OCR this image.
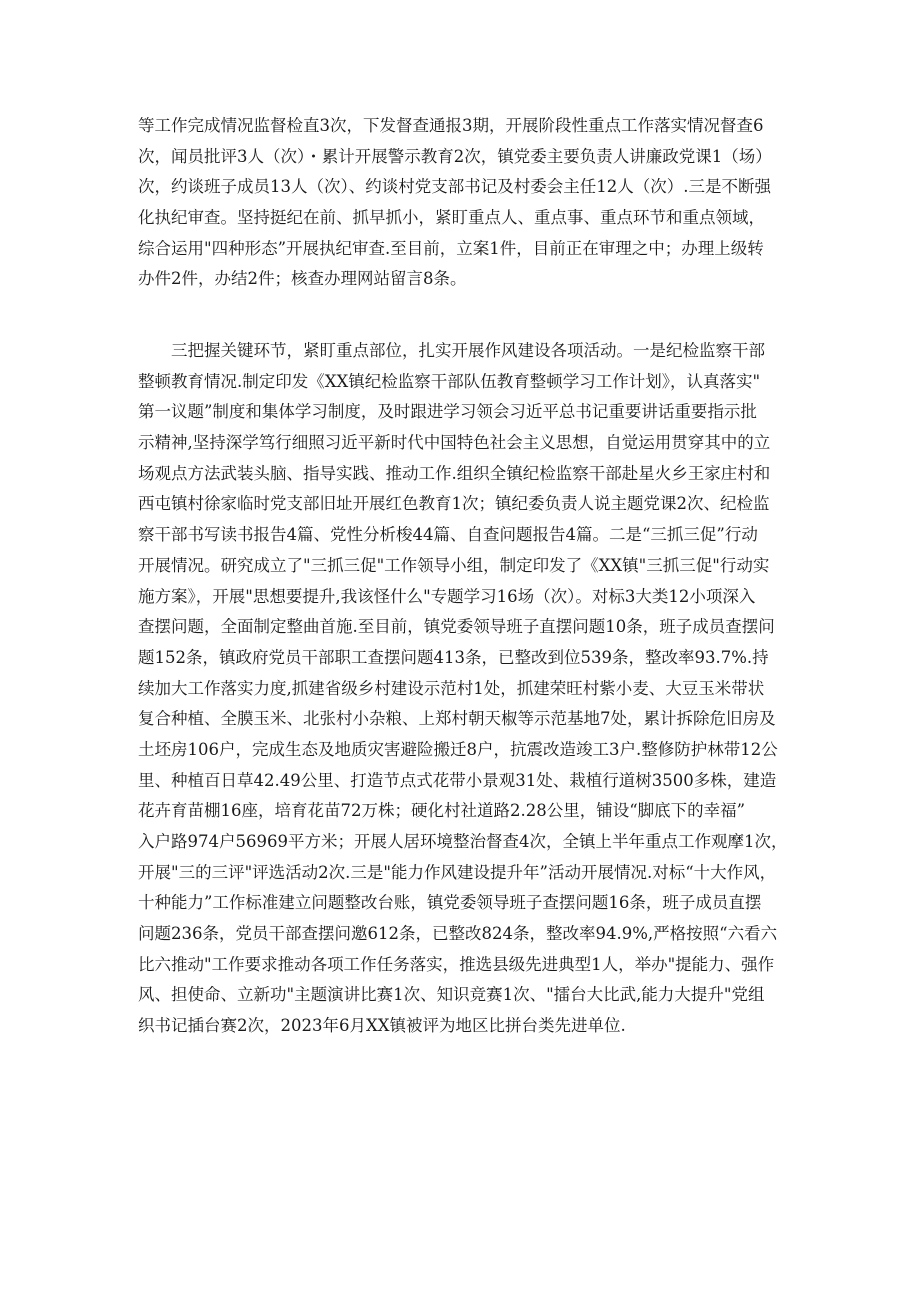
等工作完成情况监督检直3次，下发督查通报3期，开展阶段性重点工作落实情况督查6
次，闻员批评3人（次）・累计开展警示教育2次，镇党委主要负责人讲廉政党课1（场）
次，约谈班子成员13人（次）、约谈村党支部书记及村委会主任12人（次）.三是不断强
化执纪审查。坚持挺纪在前、抓早抓小，紧盯重点人、重点事、重点环节和重点领域，
综合运用"四种形态”开展执纪审查.至目前，立案1件，目前正在审理之中；办理上级转
办件2件，办结2件；核查办理网站留言8条。
三把握关键环节，紧盯重点部位，扎实开展作风建设各项活动。一是纪检监察干部
整顿教育情况.制定印发《XX镇纪检监察干部队伍教育整顿学习工作计划》，认真落实"
第一议题”制度和集体学习制度，及时跟进学习领会习近平总书记重要讲话重要指示批
示精神,坚持深学笃行细照习近平新时代中国特色社会主义思想，自觉运用贯穿其中的立
场观点方法武装头脑、指导实践、推动工作.组织全镇纪检监察干部赴星火乡王家庄村和
西屯镇村徐家临时党支部旧址开展红色教育1次；镇纪委负责人说主题党课2次、纪检监
察干部书写读书报告4篇、党性分析梭44篇、自查问题报告4篇。二是“三抓三促”行动
开展情况。研究成立了"三抓三促"工作领导小组，制定印发了《XX镇"三抓三促"行动实
施方案》，开展"思想要提升,我该怪什么"专题学习16场（次）。对标3大类12小项深入
查摆问题，全面制定整曲首施.至目前，镇党委领导班子直摆问题10条，班子成员查摆问
题152条，镇政府党员干部职工查摆问题413条，已整改到位539条，整改率93.7%.持
续加大工作落实力度,抓建省级乡村建设示范村1处，抓建荣旺村紫小麦、大豆玉米带状
复合种植、全膜玉米、北张村小杂粮、上郑村朝天椒等示范基地7处，累计拆除危旧房及
土坯房106户，完成生态及地质灾害避险搬迁8户，抗震改造竣工3户.整修防护林带12公
里、种植百日草42.49公里、打造节点式花带小景观31处、栽植行道树3500多株，建造
花卉育苗棚16座，培育花苗72万株；硬化村社道路2.28公里，铺设“脚底下的幸福”
入户路974户56969平方米；开展人居环境整治督查4次，全镇上半年重点工作观摩1次，
开展"三的三评"评选活动2次.三是"能力作风建设提升年”活动开展情况.对标“十大作风，
十种能力”工作标准建立问题整改台账，镇党委领导班子查摆问题16条，班子成员直摆
问题236条，党员干部查摆问邀612条，已整改824条，整改率94.9%,严格按照“六看六
比六推动"工作要求推动各项工作任务落实，推选县级先进典型1人，举办"提能力、强作
风、担使命、立新功"主题演讲比赛1次、知识竞赛1次、"擂台大比武,能力大提升"党组
织书记插台赛2次，2023年6月XX镇被评为地区比拼台类先进单位.
